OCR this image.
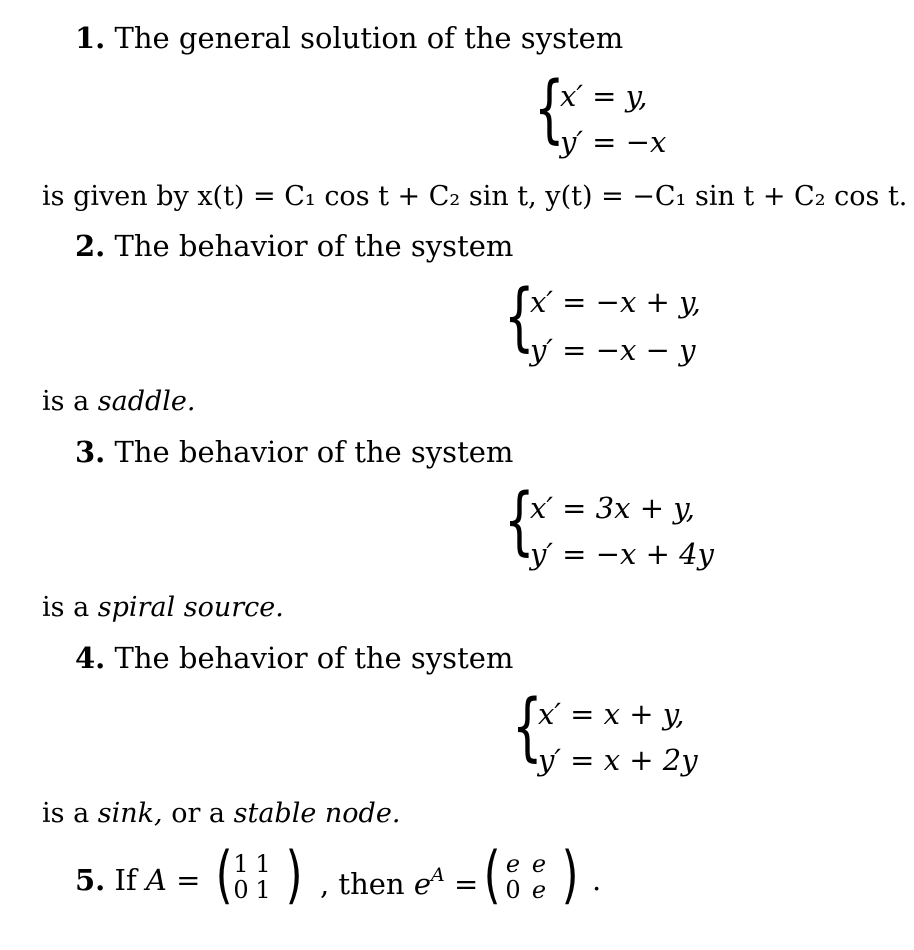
1. The general solution of the system
{
x′ = y,
y′ = −x
is given by x(t) = C₁ cos t + C₂ sin t, y(t) = −C₁ sin t + C₂ cos t.
2. The behavior of the system
{
x′ = −x + y,
y′ = −x − y
is a saddle.
3. The behavior of the system
{
x′ = 3x + y,
y′ = −x + 4y
is a spiral source.
4. The behavior of the system
{
x′ = x + y,
y′ = x + 2y
is a sink, or a stable node.
5. If A = ( 1 1
0 1 ) , then $e^A$ = ( e e
0 e ) .
